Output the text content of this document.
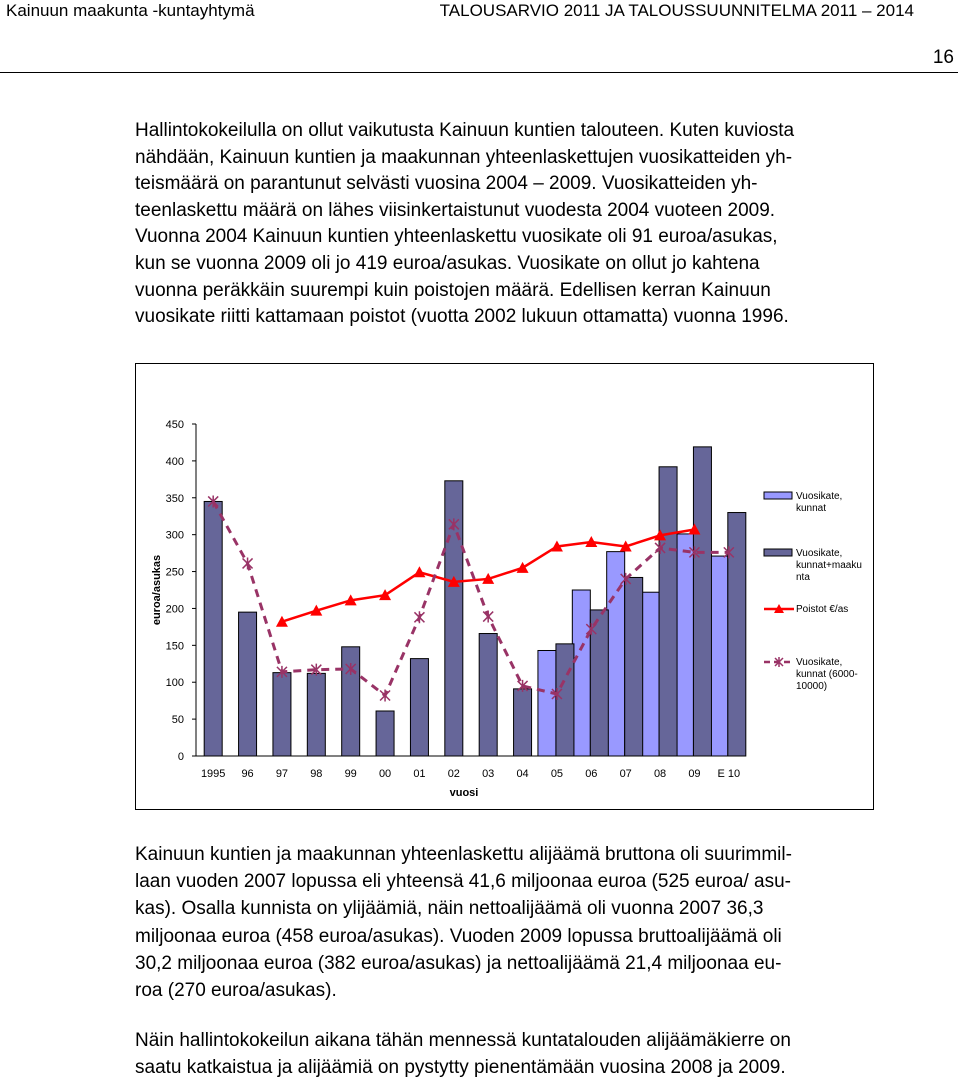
Kainuun maakunta -kuntayhtymä	TALOUSARVIO 2011 JA TALOUSSUUNNITELMA 2011 – 2014
16

Hallintokokeilulla on ollut vaikutusta Kainuun kuntien talouteen. Kuten kuviosta
nähdään, Kainuun kuntien ja maakunnan yhteenlaskettujen vuosikatteiden yh-
teismäärä on parantunut selvästi vuosina 2004 – 2009. Vuosikatteiden yh-
teenlaskettu määrä on lähes viisinkertaistunut vuodesta 2004 vuoteen 2009.
Vuonna 2004 Kainuun kuntien yhteenlaskettu vuosikate oli 91 euroa/asukas,
kun se vuonna 2009 oli jo 419 euroa/asukas. Vuosikate on ollut jo kahtena
vuonna peräkkäin suurempi kuin poistojen määrä. Edellisen kerran Kainuun
vuosikate riitti kattamaan poistot (vuotta 2002 lukuun ottamatta) vuonna 1996.

0
50
100
150
200
250
300
350
400
450
1995 96 97 98 99 00 01 02 03 04 05 06 07 08 09 E 10
vuosi
euroa/asukas
Vuosikate,
kunnat
Vuosikate,
kunnat+maaku
nta
Poistot €/as
Vuosikate,
kunnat (6000-
10000)

Kainuun kuntien ja maakunnan yhteenlaskettu alijäämä bruttona oli suurimmil-
laan vuoden 2007 lopussa eli yhteensä 41,6 miljoonaa euroa (525 euroa/ asu-
kas). Osalla kunnista on ylijäämiä, näin nettoalijäämä oli vuonna 2007 36,3
miljoonaa euroa (458 euroa/asukas). Vuoden 2009 lopussa bruttoalijäämä oli
30,2 miljoonaa euroa (382 euroa/asukas) ja nettoalijäämä 21,4 miljoonaa eu-
roa (270 euroa/asukas).

Näin hallintokokeilun aikana tähän mennessä kuntatalouden alijäämäkierre on
saatu katkaistua ja alijäämiä on pystytty pienentämään vuosina 2008 ja 2009.
